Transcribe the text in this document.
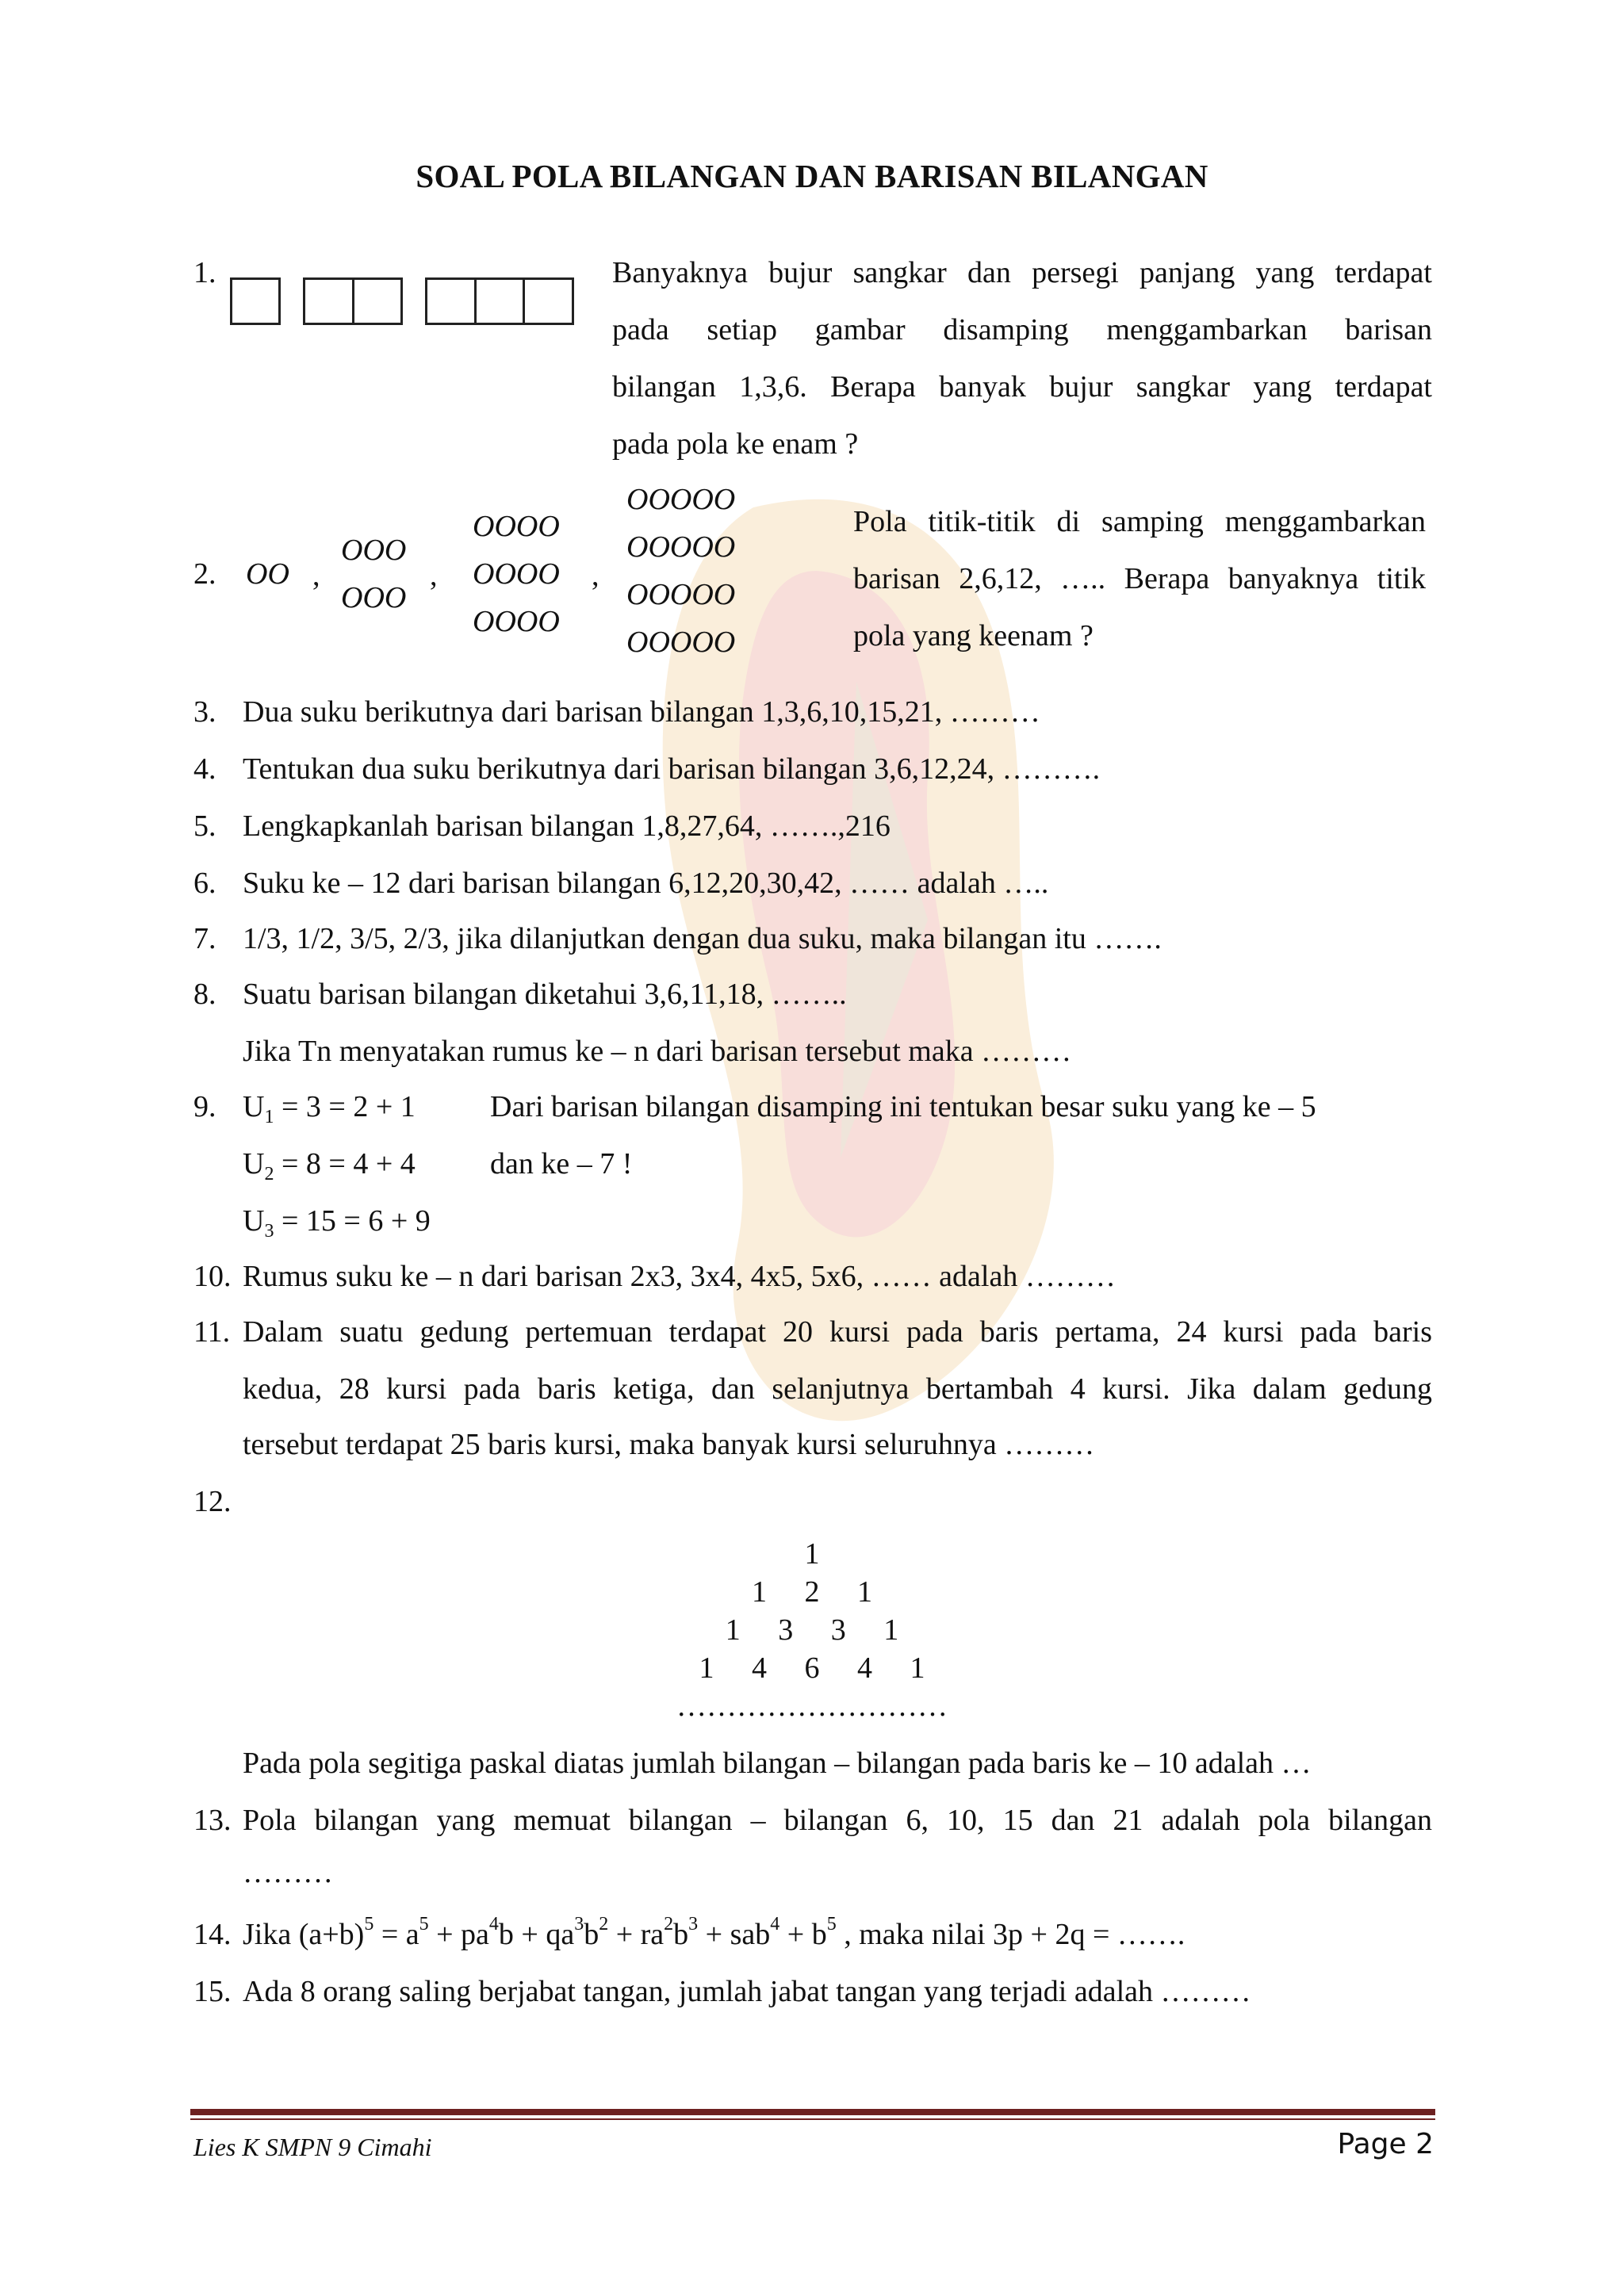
SOAL POLA BILANGAN DAN BARISAN BILANGAN
1.	Banyaknya bujur sangkar dan persegi panjang yang terdapat
pada setiap gambar disamping menggambarkan barisan
bilangan 1,3,6. Berapa banyak bujur sangkar yang terdapat
pada pola ke enam ?
2. OO ,
OOO
OOO
,
OOOO
OOOO
OOOO
,
OOOOO
OOOOO
OOOOO
OOOOO
Pola titik-titik di samping menggambarkan
barisan 2,6,12, ….. Berapa banyaknya titik
pola yang keenam ?
3. Dua suku berikutnya dari barisan bilangan 1,3,6,10,15,21, ………
4. Tentukan dua suku berikutnya dari barisan bilangan 3,6,12,24, ……….
5. Lengkapkanlah barisan bilangan 1,8,27,64, …….,216
6. Suku ke – 12 dari barisan bilangan 6,12,20,30,42, …… adalah …..
7. 1/3, 1/2, 3/5, 2/3, jika dilanjutkan dengan dua suku, maka bilangan itu …….
8. Suatu barisan bilangan diketahui 3,6,11,18, ……..
Jika Tn menyatakan rumus ke – n dari barisan tersebut maka ………
9. $U_1 = 3 = 2 + 1$
$U_2 = 8 = 4 + 4$
$U_3 = 15 = 6 + 9$
Dari barisan bilangan disamping ini tentukan besar suku yang ke – 5
dan ke – 7 !
10. Rumus suku ke – n dari barisan 2x3, 3x4, 4x5, 5x6, …… adalah ………
11. Dalam suatu gedung pertemuan terdapat 20 kursi pada baris pertama, 24 kursi pada baris
kedua, 28 kursi pada baris ketiga, dan selanjutnya bertambah 4 kursi. Jika dalam gedung
tersebut terdapat 25 baris kursi, maka banyak kursi seluruhnya ………
12.
1
1     2     1
1     3     3     1
1     4     6     4     1
………………………
Pada pola segitiga paskal diatas jumlah bilangan – bilangan pada baris ke – 10 adalah …
13. Pola bilangan yang memuat bilangan – bilangan 6, 10, 15 dan 21 adalah pola bilangan
………
14. Jika $(a+b)^5 = a^5 + pa^4b + qa^3b^2 + ra^2b^3 + sab^4 + b^5$ , maka nilai 3p + 2q = …….
15. Ada 8 orang saling berjabat tangan, jumlah jabat tangan yang terjadi adalah ………
Lies K SMPN 9 Cimahi	Page 2
